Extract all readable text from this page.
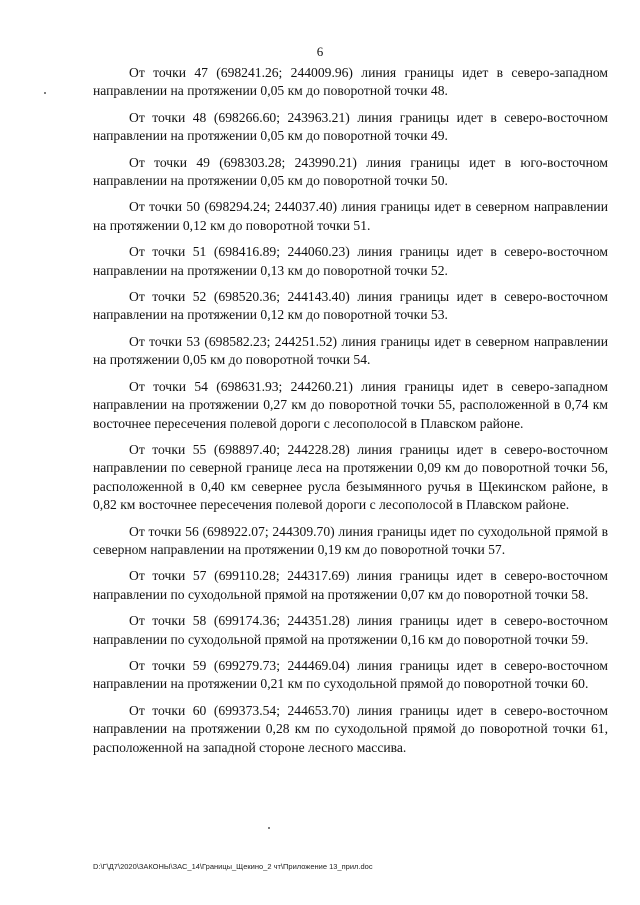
6

От точки 47 (698241.26; 244009.96) линия границы идет в северо-западном направлении на протяжении 0,05 км до поворотной точки 48.

От точки 48 (698266.60; 243963.21) линия границы идет в северо-восточном направлении на протяжении 0,05 км до поворотной точки 49.

От точки 49 (698303.28; 243990.21) линия границы идет в юго-восточном направлении на протяжении 0,05 км до поворотной точки 50.

От точки 50 (698294.24; 244037.40) линия границы идет в северном направлении на протяжении 0,12 км до поворотной точки 51.

От точки 51 (698416.89; 244060.23) линия границы идет в северо-восточном направлении на протяжении 0,13 км до поворотной точки 52.

От точки 52 (698520.36; 244143.40) линия границы идет в северо-восточном направлении на протяжении 0,12 км до поворотной точки 53.

От точки 53 (698582.23; 244251.52) линия границы идет в северном направлении на протяжении 0,05 км до поворотной точки 54.

От точки 54 (698631.93; 244260.21) линия границы идет в северо-западном направлении на протяжении 0,27 км до поворотной точки 55, расположенной в 0,74 км восточнее пересечения полевой дороги с лесополосой в Плавском районе.

От точки 55 (698897.40; 244228.28) линия границы идет в северо-восточном направлении по северной границе леса на протяжении 0,09 км до поворотной точки 56, расположенной в 0,40 км севернее русла безымянного ручья в Щекинском районе, в 0,82 км восточнее пересечения полевой дороги с лесополосой в Плавском районе.

От точки 56 (698922.07; 244309.70) линия границы идет по суходольной прямой в северном направлении на протяжении 0,19 км до поворотной точки 57.

От точки 57 (699110.28; 244317.69) линия границы идет в северо-восточном направлении по суходольной прямой на протяжении 0,07 км до поворотной точки 58.

От точки 58 (699174.36; 244351.28) линия границы идет в северо-восточном направлении по суходольной прямой на протяжении 0,16 км до поворотной точки 59.

От точки 59 (699279.73; 244469.04) линия границы идет в северо-восточном направлении на протяжении 0,21 км по суходольной прямой до поворотной точки 60.

От точки 60 (699373.54; 244653.70) линия границы идет в северо-восточном направлении на протяжении 0,28 км по суходольной прямой до поворотной точки 61, расположенной на западной стороне лесного массива.

D:\Г\Д7\2020\ЗАКОНЫ\ЗАС_14\Границы_Щекино_2 чт\Приложение 13_прил.doc
